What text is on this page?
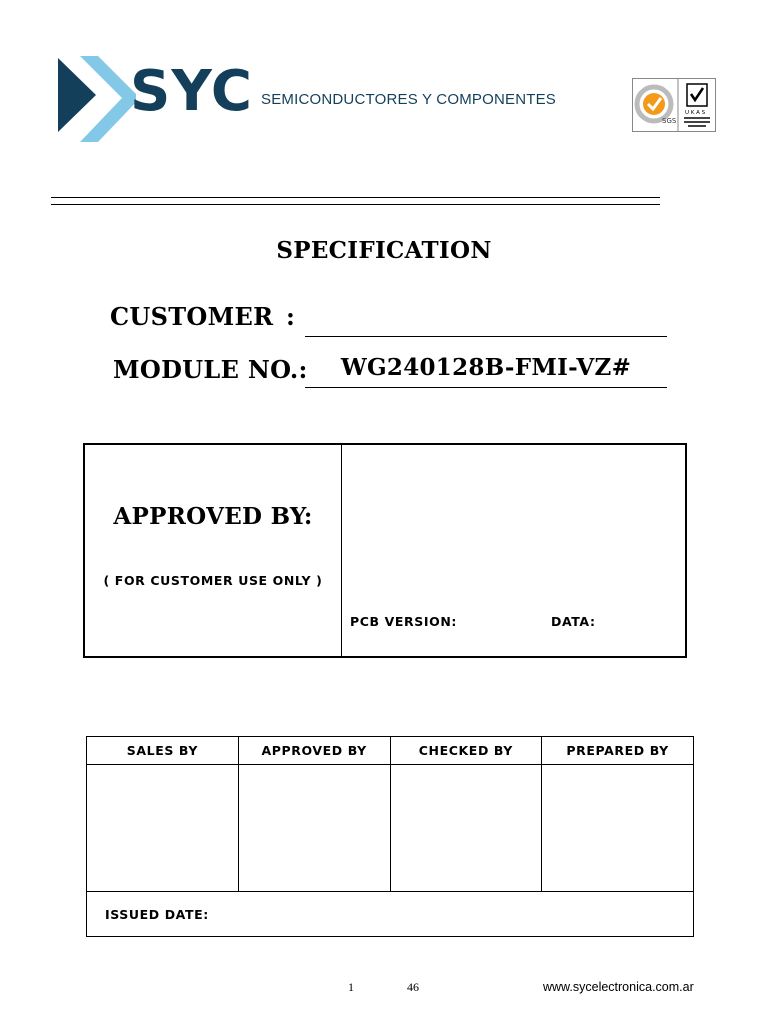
SYC SEMICONDUCTORES Y COMPONENTES
SGS
U K A S
SPECIFICATION
CUSTOMER :
MODULE NO.:	WG240128B-FMI-VZ#
APPROVED BY:
( FOR CUSTOMER USE ONLY )
PCB VERSION:	DATA:
SALES BY	APPROVED BY	CHECKED BY	PREPARED BY

ISSUED DATE:			
1	46	www.sycelectronica.com.ar
